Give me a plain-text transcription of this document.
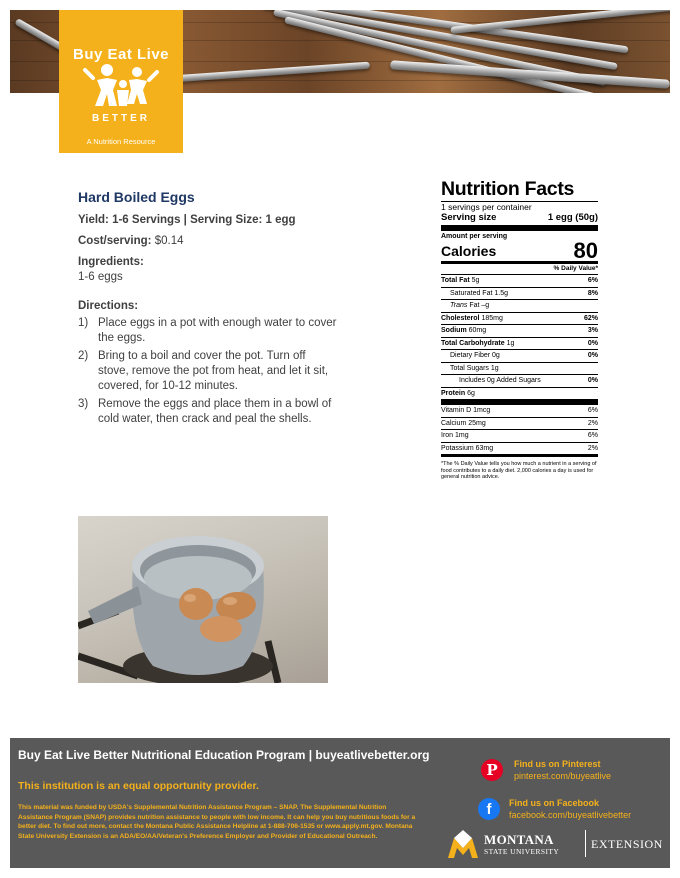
Buy Eat Live
BETTER
A Nutrition Resource
Hard Boiled Eggs

Yield: 1-6 Servings | Serving Size: 1 egg

Cost/serving: $0.14

Ingredients:
1-6 eggs
Directions:
1) Place eggs in a pot with enough water to cover the eggs.
2) Bring to a boil and cover the pot. Turn off stove, remove the pot from heat, and let it sit, covered, for 10-12 minutes.
3) Remove the eggs and place them in a bowl of cold water, then crack and peal the shells.
Nutrition Facts
1 servings per container
Serving size	1 egg (50g)
Amount per serving
Calories	80
% Daily Value*
Total Fat 5g	6%
Saturated Fat 1.5g	8%
Trans Fat –g
Cholesterol 185mg	62%
Sodium 60mg	3%
Total Carbohydrate 1g	0%
Dietary Fiber 0g	0%
Total Sugars 1g
Includes 0g Added Sugars	0%
Protein 6g
Vitamin D 1mcg	6%
Calcium 25mg	2%
Iron 1mg	6%
Potassium 63mg	2%
*The % Daily Value tells you how much a nutrient in a serving of food contributes to a daily diet. 2,000 calories a day is used for general nutrition advice.
Buy Eat Live Better Nutritional Education Program | buyeatlivebetter.org
This institution is an equal opportunity provider.
This material was funded by USDA's Supplemental Nutrition Assistance Program – SNAP. The Supplemental Nutrition Assistance Program (SNAP) provides nutrition assistance to people with low income. It can help you buy nutritious foods for a better diet. To find out more, contact the Montana Public Assistance Helpline at 1-888-706-1535 or www.apply.mt.gov. Montana State University Extension is an ADA/EO/AA/Veteran's Preference Employer and Provider of Educational Outreach.
P	Find us on Pinterest
pinterest.com/buyeatlive
f	Find us on Facebook
facebook.com/buyeatlivebetter
MONTANA
STATE UNIVERSITY
EXTENSION
